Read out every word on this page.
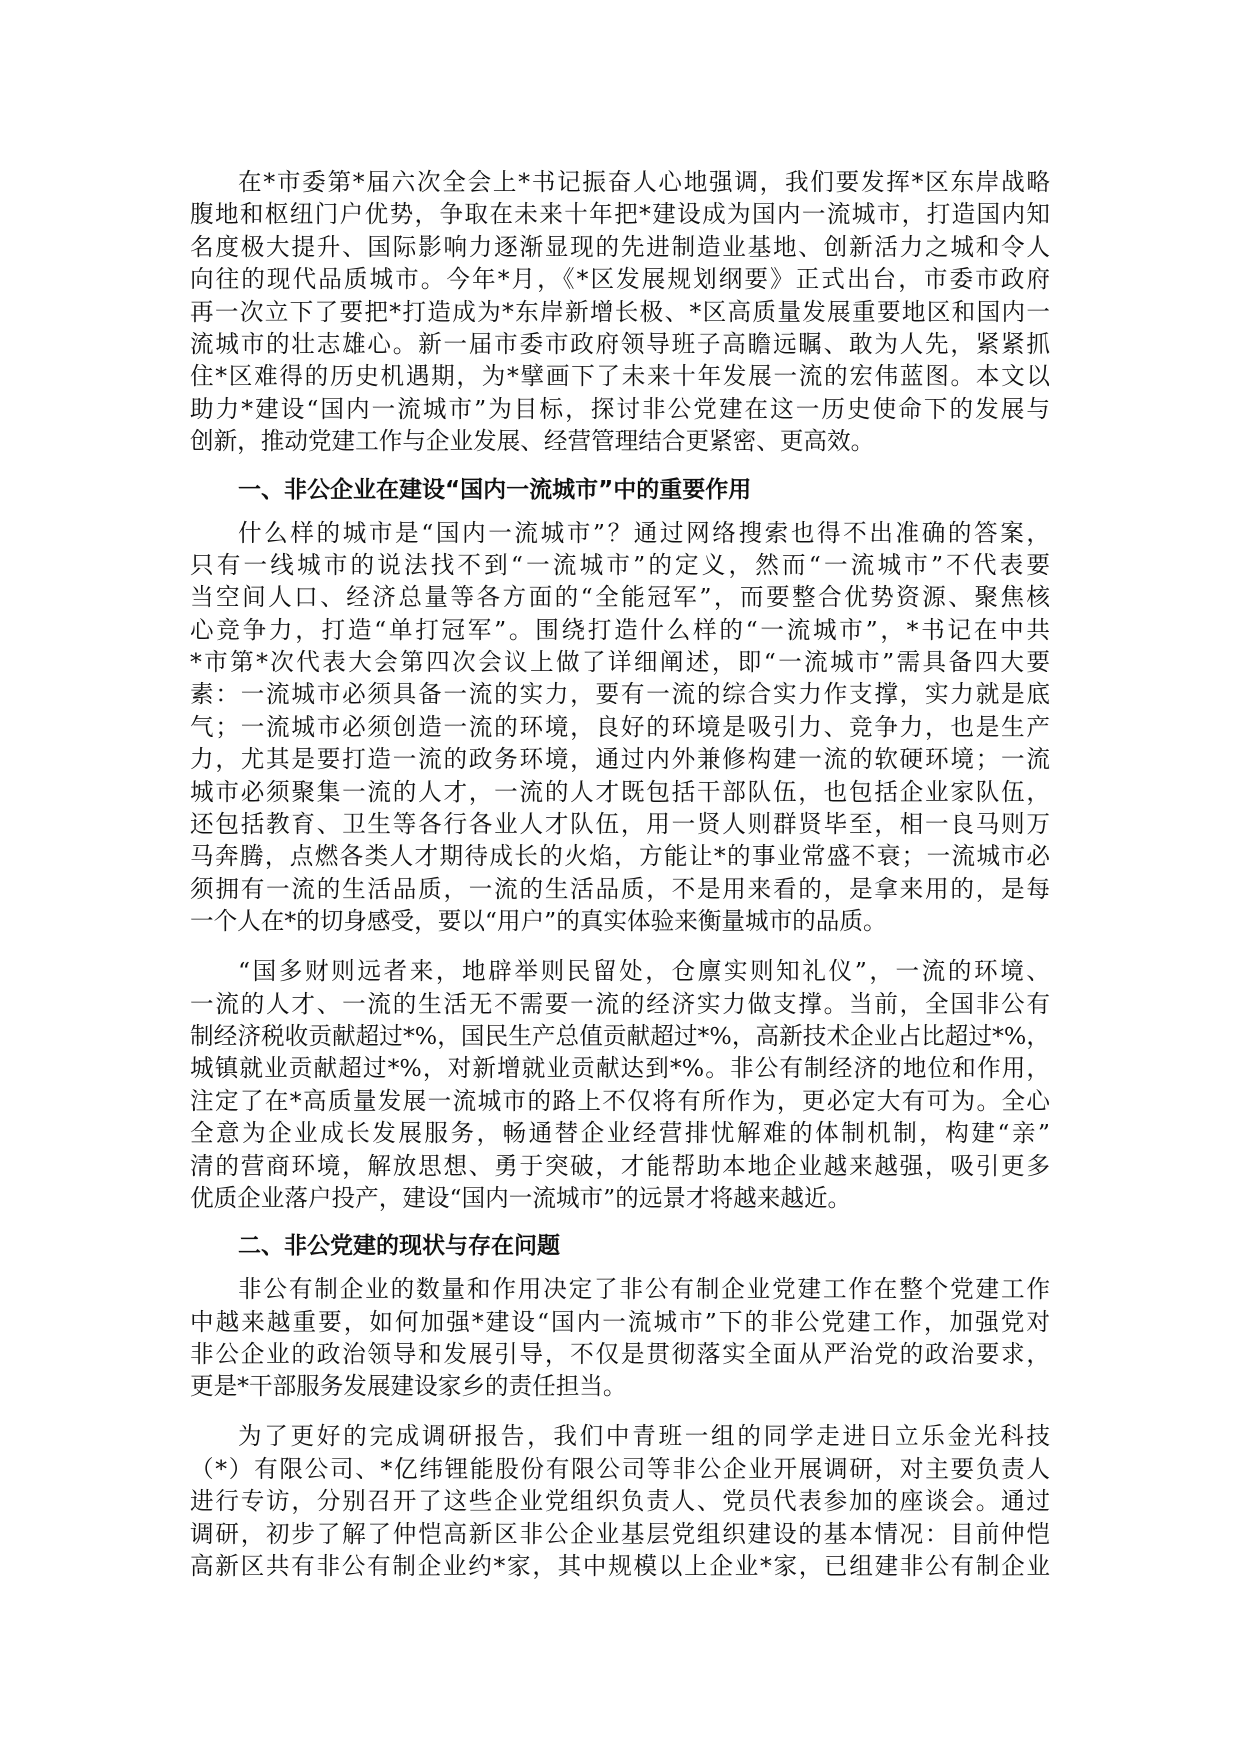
在*市委第*届六次全会上*书记振奋人心地强调，我们要发挥*区东岸战略
腹地和枢纽门户优势，争取在未来十年把*建设成为国内一流城市，打造国内知
名度极大提升、国际影响力逐渐显现的先进制造业基地、创新活力之城和令人
向往的现代品质城市。今年*月，《*区发展规划纲要》正式出台，市委市政府
再一次立下了要把*打造成为*东岸新增长极、*区高质量发展重要地区和国内一
流城市的壮志雄心。新一届市委市政府领导班子高瞻远瞩、敢为人先，紧紧抓
住*区难得的历史机遇期，为*擘画下了未来十年发展一流的宏伟蓝图。本文以
助力*建设“国内一流城市”为目标，探讨非公党建在这一历史使命下的发展与
创新，推动党建工作与企业发展、经营管理结合更紧密、更高效。
一、非公企业在建设“国内一流城市”中的重要作用
什么样的城市是“国内一流城市”？通过网络搜索也得不出准确的答案，
只有一线城市的说法找不到“一流城市”的定义，然而“一流城市”不代表要
当空间人口、经济总量等各方面的“全能冠军”，而要整合优势资源、聚焦核
心竞争力，打造“单打冠军”。围绕打造什么样的“一流城市”，*书记在中共
*市第*次代表大会第四次会议上做了详细阐述，即“一流城市”需具备四大要
素：一流城市必须具备一流的实力，要有一流的综合实力作支撑，实力就是底
气；一流城市必须创造一流的环境，良好的环境是吸引力、竞争力，也是生产
力，尤其是要打造一流的政务环境，通过内外兼修构建一流的软硬环境；一流
城市必须聚集一流的人才，一流的人才既包括干部队伍，也包括企业家队伍，
还包括教育、卫生等各行各业人才队伍，用一贤人则群贤毕至，相一良马则万
马奔腾，点燃各类人才期待成长的火焰，方能让*的事业常盛不衰；一流城市必
须拥有一流的生活品质，一流的生活品质，不是用来看的，是拿来用的，是每
一个人在*的切身感受，要以“用户”的真实体验来衡量城市的品质。
“国多财则远者来，地辟举则民留处，仓廪实则知礼仪”，一流的环境、
一流的人才、一流的生活无不需要一流的经济实力做支撑。当前，全国非公有
制经济税收贡献超过*%，国民生产总值贡献超过*%，高新技术企业占比超过*%，
城镇就业贡献超过*%，对新增就业贡献达到*%。非公有制经济的地位和作用，
注定了在*高质量发展一流城市的路上不仅将有所作为，更必定大有可为。全心
全意为企业成长发展服务，畅通替企业经营排忧解难的体制机制，构建“亲”
清的营商环境，解放思想、勇于突破，才能帮助本地企业越来越强，吸引更多
优质企业落户投产，建设“国内一流城市”的远景才将越来越近。
二、非公党建的现状与存在问题
非公有制企业的数量和作用决定了非公有制企业党建工作在整个党建工作
中越来越重要，如何加强*建设“国内一流城市”下的非公党建工作，加强党对
非公企业的政治领导和发展引导，不仅是贯彻落实全面从严治党的政治要求，
更是*干部服务发展建设家乡的责任担当。
为了更好的完成调研报告，我们中青班一组的同学走进日立乐金光科技
（*）有限公司、*亿纬锂能股份有限公司等非公企业开展调研，对主要负责人
进行专访，分别召开了这些企业党组织负责人、党员代表参加的座谈会。通过
调研，初步了解了仲恺高新区非公企业基层党组织建设的基本情况：目前仲恺
高新区共有非公有制企业约*家，其中规模以上企业*家，已组建非公有制企业
